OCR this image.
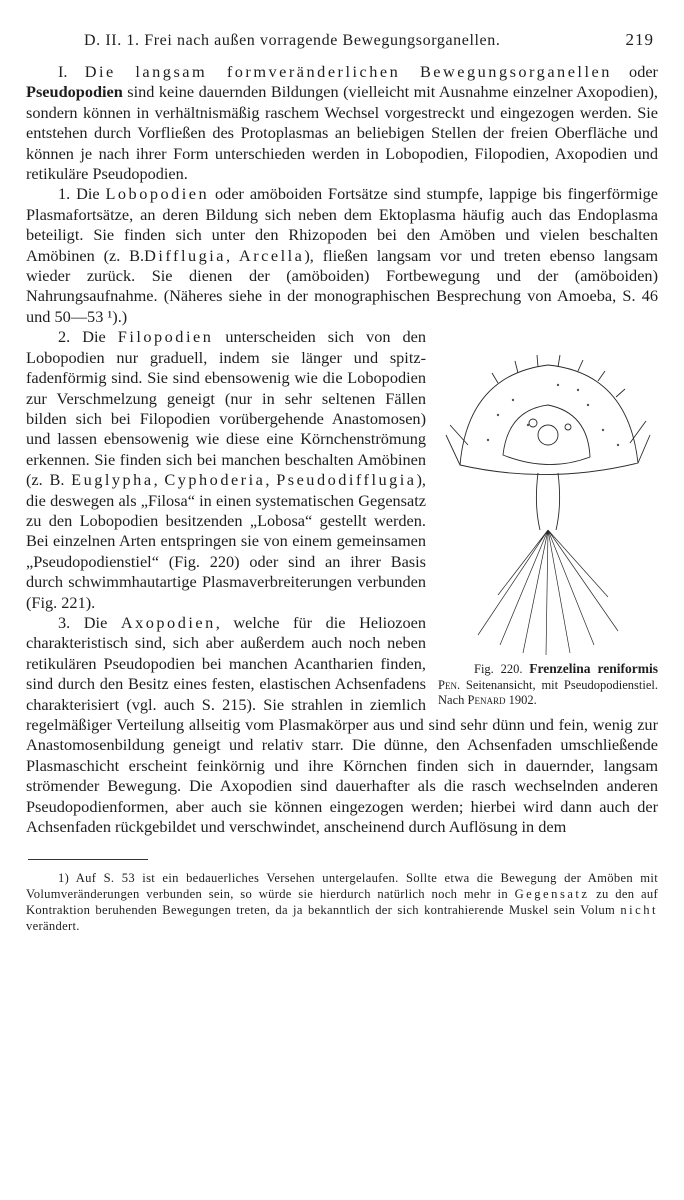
D. II. 1. Frei nach außen vorragende Bewegungsorganellen.	219

I. Die langsam formveränderlichen Bewegungsorganellen oder Pseudopodien sind keine dauernden Bildungen (vielleicht mit Ausnahme einzelner Axopodien), sondern können in verhältnismäßig raschem Wechsel vorgestreckt und eingezogen werden. Sie entstehen durch Vorfließen des Protoplasmas an beliebigen Stellen der freien Oberfläche und können je nach ihrer Form unterschieden werden in Lobopodien, Filopodien, Axopodien und retikuläre Pseudopodien.

1. Die Lobopodien oder amöboiden Fortsätze sind stumpfe, lappige bis fingerförmige Plasmafortsätze, an deren Bildung sich neben dem Ektoplasma häufig auch das Endoplasma beteiligt. Sie finden sich unter den Rhizopoden bei den Amöben und vielen beschalten Amöbinen (z. B.Difflugia, Arcella), fließen langsam vor und treten ebenso langsam wieder zurück. Sie dienen der (amöboiden) Fortbewegung und der (amöboiden) Nahrungsaufnahme. (Näheres siehe in der monographischen Besprechung von Amoeba, S. 46 und 50—53 ¹).)

Fig. 220. Frenzelina reniformis Pen. Seitenansicht, mit Pseudopodienstiel. Nach Penard 1902.
2. Die Filopodien unterscheiden sich von den Lobopodien nur graduell, indem sie länger und spitz-fadenförmig sind. Sie sind ebensowenig wie die Lobopodien zur Verschmelzung geneigt (nur in sehr seltenen Fällen bilden sich bei Filopodien vorübergehende Anastomosen) und lassen ebensowenig wie diese eine Körnchenströmung erkennen. Sie finden sich bei manchen beschalten Amöbinen (z. B. Euglypha, Cyphoderia, Pseudodifflugia), die deswegen als „Filosa“ in einen systematischen Gegensatz zu den Lobopodien besitzenden „Lobosa“ gestellt werden. Bei einzelnen Arten entspringen sie von einem gemeinsamen „Pseudopodienstiel“ (Fig. 220) oder sind an ihrer Basis durch schwimmhautartige Plasmaverbreiterungen verbunden (Fig. 221).

3. Die Axopodien, welche für die Heliozoen charakteristisch sind, sich aber außerdem auch noch neben retikulären Pseudopodien bei manchen Acantharien finden, sind durch den Besitz eines festen, elastischen Achsenfadens charakterisiert (vgl. auch S. 215). Sie strahlen in ziemlich regelmäßiger Verteilung allseitig vom Plasmakörper aus und sind sehr dünn und fein, wenig zur Anastomosenbildung geneigt und relativ starr. Die dünne, den Achsenfaden umschließende Plasmaschicht erscheint feinkörnig und ihre Körnchen finden sich in dauernder, langsam strömender Bewegung. Die Axopodien sind dauerhafter als die rasch wechselnden anderen Pseudopodienformen, aber auch sie können eingezogen werden; hierbei wird dann auch der Achsenfaden rückgebildet und verschwindet, anscheinend durch Auflösung in dem

1) Auf S. 53 ist ein bedauerliches Versehen untergelaufen. Sollte etwa die Bewegung der Amöben mit Volumveränderungen verbunden sein, so würde sie hierdurch natürlich noch mehr in Gegensatz zu den auf Kontraktion beruhenden Bewegungen treten, da ja bekanntlich der sich kontrahierende Muskel sein Volum nicht verändert.
